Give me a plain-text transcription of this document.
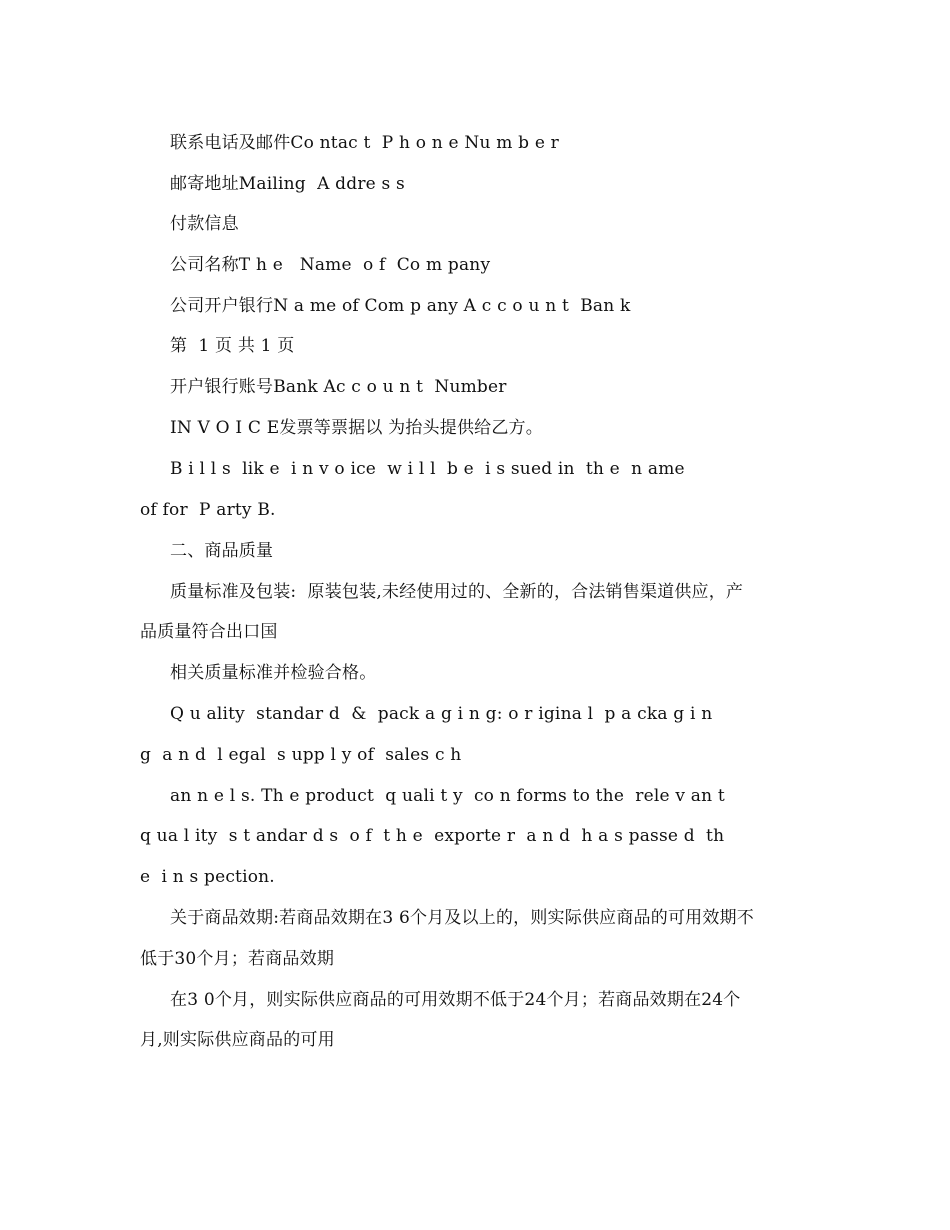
联系电话及邮件Co ntac t  P h o n e Nu m b e r
邮寄地址Mailing  A ddre s s
付款信息
公司名称T h e   Name  o f  Co m pany
公司开户银行N a me of Com p any A c c o u n t  Ban k
第  1 页 共 1 页
开户银行账号Bank Ac c o u n t  Number
IN V O I C E发票等票据以 为抬头提供给乙方。
B i l l s  lik e  i n v o ice  w i l l  b e  i s sued in  th e  n ame
of for  P arty B.
二、商品质量
质量标准及包装:  原装包装,未经使用过的、全新的，合法销售渠道供应，产
品质量符合出口国
相关质量标准并检验合格。
Q u ality  standar d  &  pack a g i n g: o r igina l  p a cka g i n
g  a n d  l egal  s upp l y of  sales c h
an n e l s. Th e product  q uali t y  co n forms to the  rele v an t
q ua l ity  s t andar d s  o f  t h e  exporte r  a n d  h a s passe d  th
e  i n s pection.
关于商品效期:若商品效期在3 6个月及以上的，则实际供应商品的可用效期不
低于30个月；若商品效期
在3 0个月，则实际供应商品的可用效期不低于24个月；若商品效期在24个
月,则实际供应商品的可用
